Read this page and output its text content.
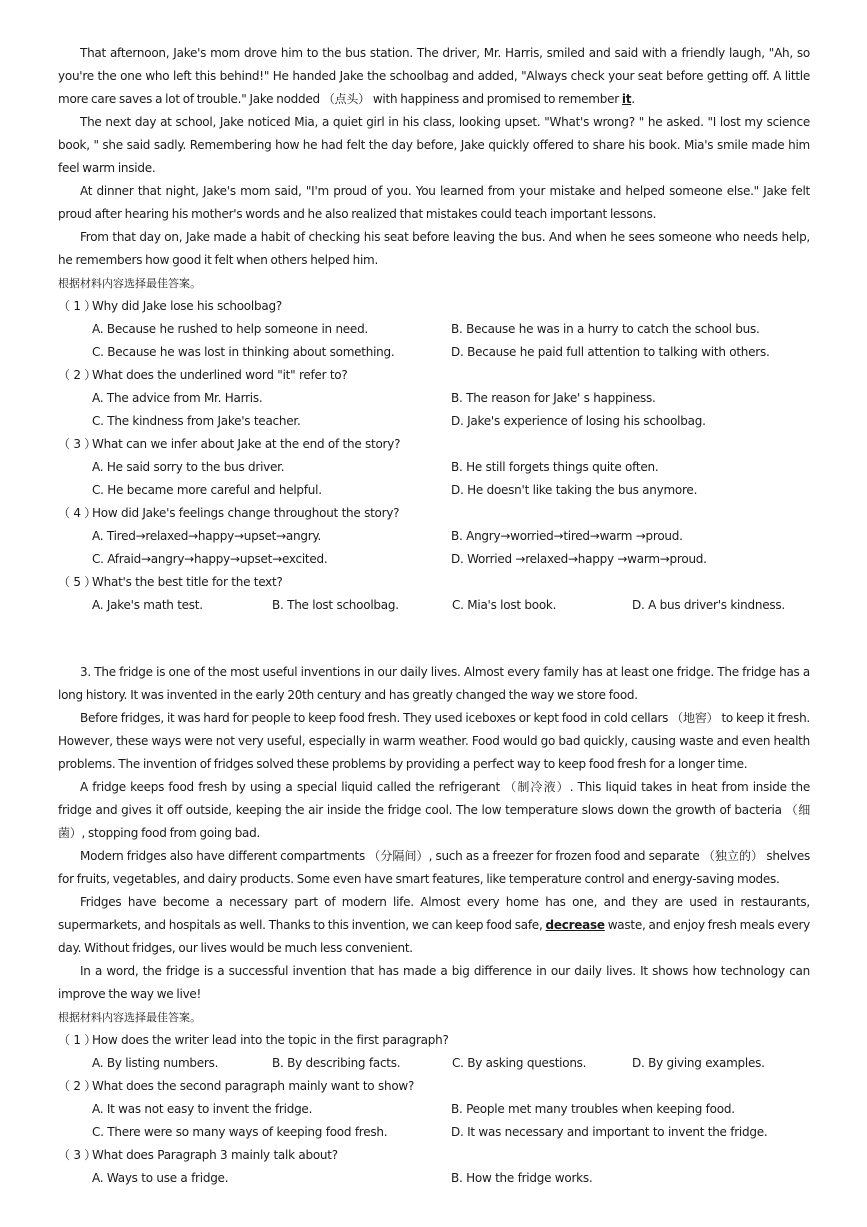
That afternoon, Jake's mom drove him to the bus station. The driver, Mr. Harris, smiled and said with a friendly laugh, "Ah, so you're the one who left this behind!" He handed Jake the schoolbag and added, "Always check your seat before getting off. A little more care saves a lot of trouble." Jake nodded （点头） with happiness and promised to remember it.

The next day at school, Jake noticed Mia, a quiet girl in his class, looking upset. "What's wrong? " he asked. "I lost my science book, " she said sadly. Remembering how he had felt the day before, Jake quickly offered to share his book. Mia's smile made him feel warm inside.

At dinner that night, Jake's mom said, "I'm proud of you. You learned from your mistake and helped someone else." Jake felt proud after hearing his mother's words and he also realized that mistakes could teach important lessons.

From that day on, Jake made a habit of checking his seat before leaving the bus. And when he sees someone who needs help, he remembers how good it felt when others helped him.

根据材料内容选择最佳答案。

（ 1 ）Why did Jake lose his schoolbag?

A. Because he rushed to help someone in need.	B. Because he was in a hurry to catch the school bus.
C. Because he was lost in thinking about something.	D. Because he paid full attention to talking with others.

（ 2 ）What does the underlined word "it" refer to?

A. The advice from Mr. Harris.	B. The reason for Jake' s happiness.
C. The kindness from Jake's teacher.	D. Jake's experience of losing his schoolbag.

（ 3 ）What can we infer about Jake at the end of the story?

A. He said sorry to the bus driver.	B. He still forgets things quite often.
C. He became more careful and helpful.	D. He doesn't like taking the bus anymore.

（ 4 ）How did Jake's feelings change throughout the story?

A. Tired→relaxed→happy→upset→angry.	B. Angry→worried→tired→warm →proud.
C. Afraid→angry→happy→upset→excited.	D. Worried →relaxed→happy →warm→proud.

（ 5 ）What's the best title for the text?

A. Jake's math test.	B. The lost schoolbag.	C. Mia's lost book.	D. A bus driver's kindness.

3. The fridge is one of the most useful inventions in our daily lives. Almost every family has at least one fridge. The fridge has a long history. It was invented in the early 20th century and has greatly changed the way we store food.

Before fridges, it was hard for people to keep food fresh. They used iceboxes or kept food in cold cellars （地窖） to keep it fresh. However, these ways were not very useful, especially in warm weather. Food would go bad quickly, causing waste and even health problems. The invention of fridges solved these problems by providing a perfect way to keep food fresh for a longer time.

A fridge keeps food fresh by using a special liquid called the refrigerant （制冷液）. This liquid takes in heat from inside the fridge and gives it off outside, keeping the air inside the fridge cool. The low temperature slows down the growth of bacteria （细菌）, stopping food from going bad.

Modern fridges also have different compartments （分隔间）, such as a freezer for frozen food and separate （独立的） shelves for fruits, vegetables, and dairy products. Some even have smart features, like temperature control and energy-saving modes.

Fridges have become a necessary part of modern life. Almost every home has one, and they are used in restaurants, supermarkets, and hospitals as well. Thanks to this invention, we can keep food safe, decrease waste, and enjoy fresh meals every day. Without fridges, our lives would be much less convenient.

In a word, the fridge is a successful invention that has made a big difference in our daily lives. It shows how technology can improve the way we live!

根据材料内容选择最佳答案。

（ 1 ）How does the writer lead into the topic in the first paragraph?

A. By listing numbers.	B. By describing facts.	C. By asking questions.	D. By giving examples.

（ 2 ）What does the second paragraph mainly want to show?

A. It was not easy to invent the fridge.	B. People met many troubles when keeping food.
C. There were so many ways of keeping food fresh.	D. It was necessary and important to invent the fridge.

（ 3 ）What does Paragraph 3 mainly talk about?

A. Ways to use a fridge.	B. How the fridge works.
